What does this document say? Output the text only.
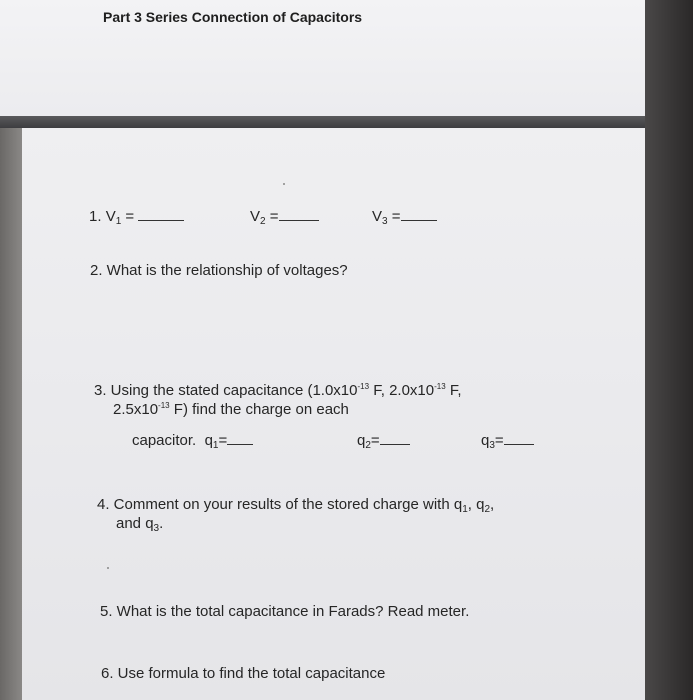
Part 3 Series Connection of Capacitors
1. $V_1$ =	$V_2$ =	$V_3$ =
2. What is the relationship of voltages?
3. Using the stated capacitance ($1.0x10^{-13}$ F, $2.0x10^{-13}$ F,
$2.5x10^{-13}$ F) find the charge on each
capacitor. $q_1=$	$q_2=$	$q_3=$
4. Comment on your results of the stored charge with $q_1$, $q_2$,
and $q_3$.
5. What is the total capacitance in Farads? Read meter.
6. Use formula to find the total capacitance
